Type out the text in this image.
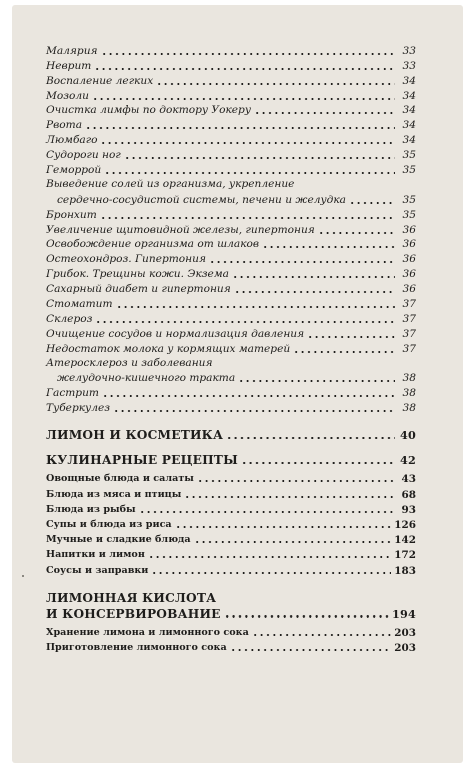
Малярия	33
Неврит	33
Воспаление легких	34
Мозоли	34
Очистка лимфы по доктору Уокеру	34
Рвота	34
Люмбаго	34
Судороги ног	35
Геморрой	35
Выведение солей из организма, укрепление
сердечно-сосудистой системы, печени и желудка	35
Бронхит	35
Увеличение щитовидной железы, гипертония	36
Освобождение организма от шлаков	36
Остеохондроз. Гипертония	36
Грибок. Трещины кожи. Экзема	36
Сахарный диабет и гипертония	36
Стоматит	37
Склероз	37
Очищение сосудов и нормализация давления	37
Недостаток молока у кормящих матерей	37
Атеросклероз и заболевания
желудочно-кишечного тракта	38
Гастрит	38
Туберкулез	38
ЛИМОН И КОСМЕТИКА	40
КУЛИНАРНЫЕ РЕЦЕПТЫ	42
Овощные блюда и салаты	43
Блюда из мяса и птицы	68
Блюда из рыбы	93
Супы и блюда из риса	126
Мучные и сладкие блюда	142
Напитки и лимон	172
Соусы и заправки	183
ЛИМОННАЯ КИСЛОТА
И КОНСЕРВИРОВАНИЕ	194
Хранение лимона и лимонного сока	203
Приготовление лимонного сока	203
